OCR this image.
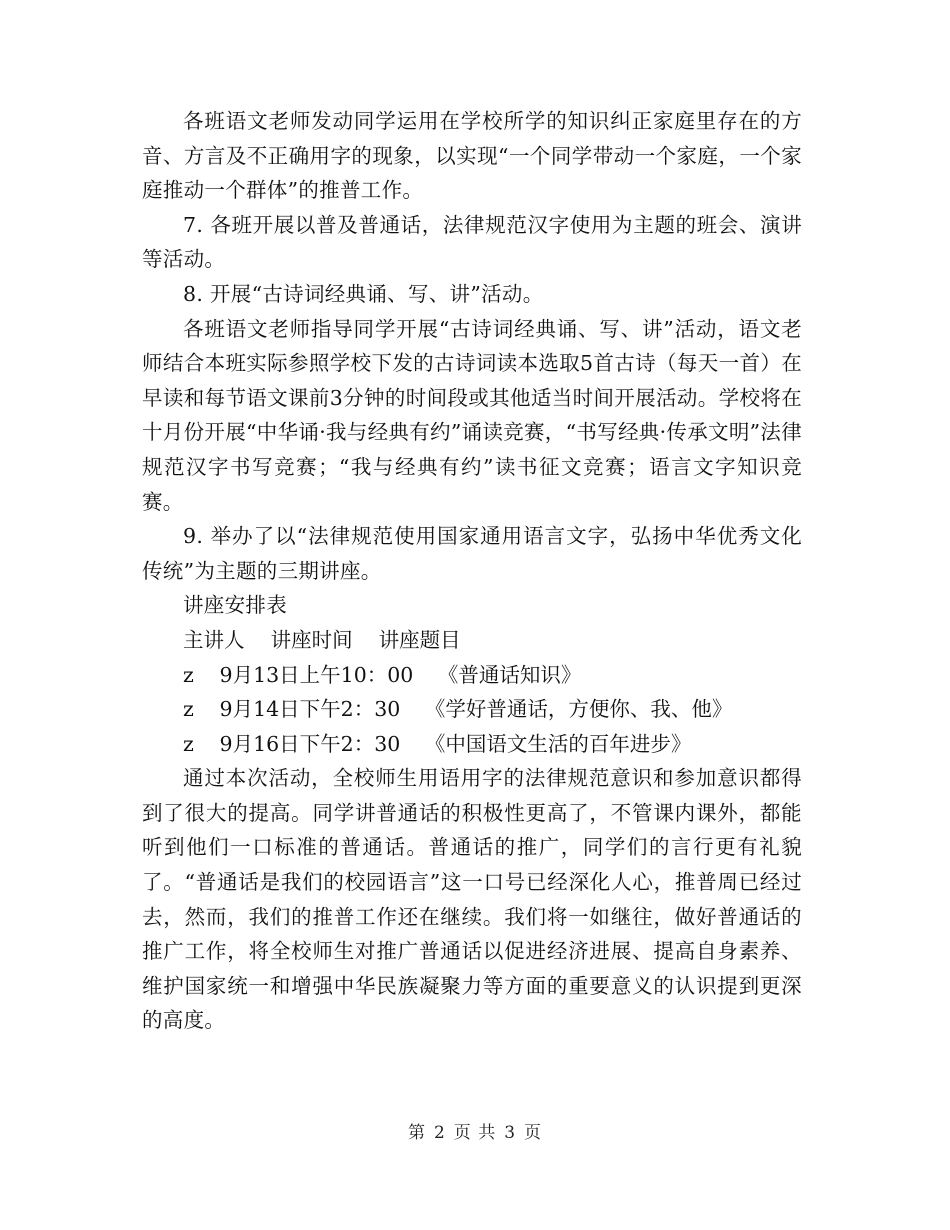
各班语文老师发动同学运用在学校所学的知识纠正家庭里存在的方音、方言及不正确用字的现象，以实现“一个同学带动一个家庭，一个家庭推动一个群体”的推普工作。

7. 各班开展以普及普通话，法律规范汉字使用为主题的班会、演讲等活动。

8. 开展“古诗词经典诵、写、讲”活动。

各班语文老师指导同学开展“古诗词经典诵、写、讲”活动，语文老师结合本班实际参照学校下发的古诗词读本选取5首古诗（每天一首）在早读和每节语文课前3分钟的时间段或其他适当时间开展活动。学校将在十月份开展“中华诵·我与经典有约”诵读竞赛，“书写经典·传承文明”法律规范汉字书写竞赛；“我与经典有约”读书征文竞赛；语言文字知识竞赛。

9. 举办了以“法律规范使用国家通用语言文字，弘扬中华优秀文化传统”为主题的三期讲座。

讲座安排表

主讲人 讲座时间 讲座题目

z 9月13日上午10：00 《普通话知识》

z 9月14日下午2：30 《学好普通话，方便你、我、他》

z 9月16日下午2：30 《中国语文生活的百年进步》

通过本次活动，全校师生用语用字的法律规范意识和参加意识都得到了很大的提高。同学讲普通话的积极性更高了，不管课内课外，都能听到他们一口标准的普通话。普通话的推广，同学们的言行更有礼貌了。“普通话是我们的校园语言”这一口号已经深化人心，推普周已经过去，然而，我们的推普工作还在继续。我们将一如继往，做好普通话的推广工作，将全校师生对推广普通话以促进经济进展、提高自身素养、维护国家统一和增强中华民族凝聚力等方面的重要意义的认识提到更深的高度。

第 2 页 共 3 页
